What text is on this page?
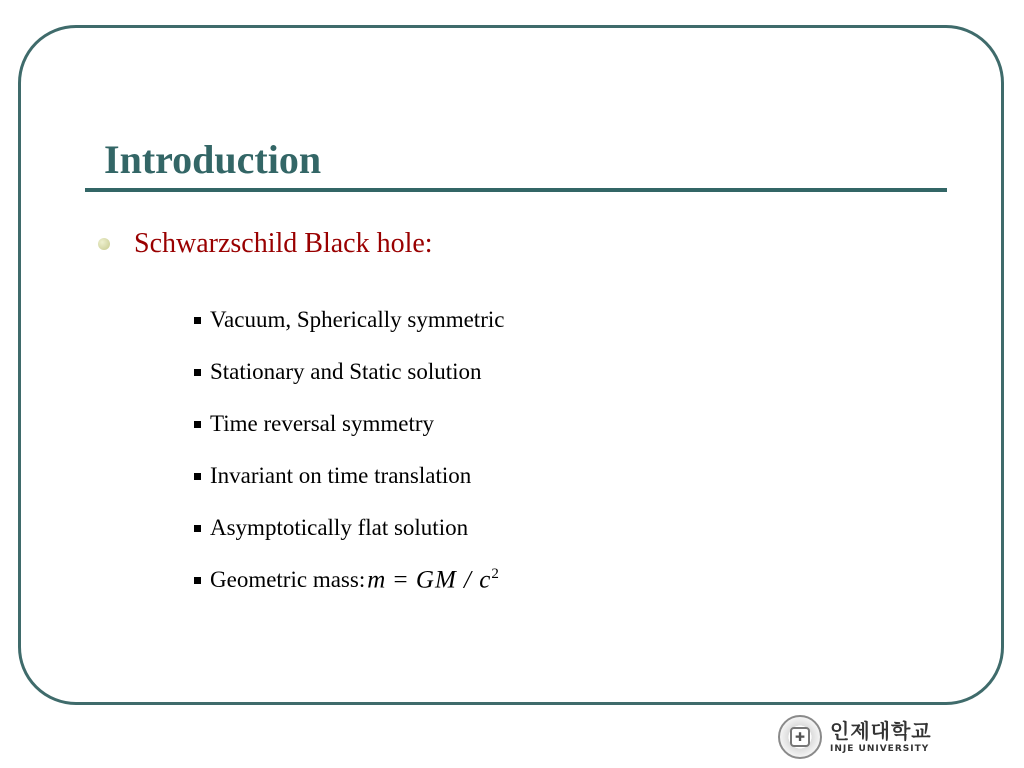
Introduction
Schwarzschild Black hole:
Vacuum, Spherically symmetric
Stationary and Static solution
Time reversal symmetry
Invariant on time translation
Asymptotically flat solution
Geometric mass: m = GM / $c^2$
✚ 인제대학교
INJE UNIVERSITY
